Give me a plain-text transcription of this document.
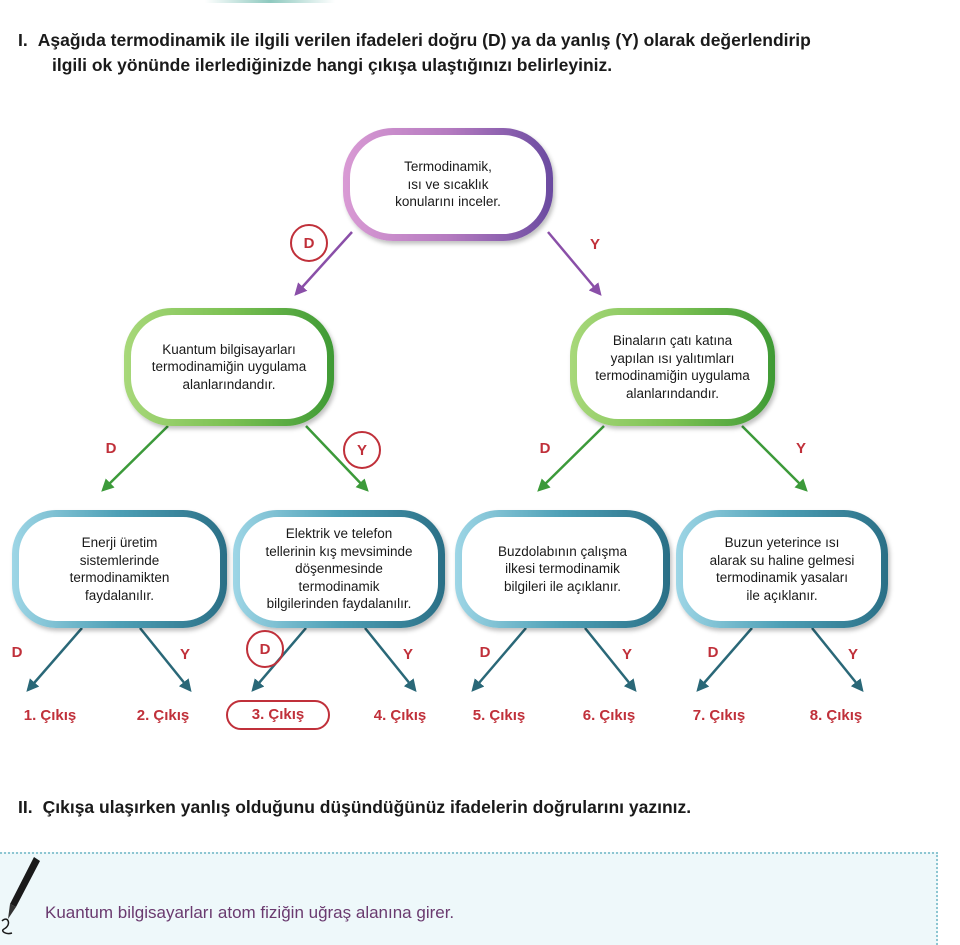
I. Aşağıda termodinamik ile ilgili verilen ifadeleri doğru (D) ya da yanlış (Y) olarak değerlendirip
ilgili ok yönünde ilerlediğinizde hangi çıkışa ulaştığınızı belirleyiniz.
Termodinamik,
ısı ve sıcaklık
konularını inceler.
Kuantum bilgisayarları
termodinamiğin uygulama
alanlarındandır.
Binaların çatı katına
yapılan ısı yalıtımları
termodinamiğin uygulama
alanlarındandır.
Enerji üretim
sistemlerinde
termodinamikten
faydalanılır.
Elektrik ve telefon
tellerinin kış mevsiminde
döşenmesinde
termodinamik
bilgilerinden faydalanılır.
Buzdolabının çalışma
ilkesi termodinamik
bilgileri ile açıklanır.
Buzun yeterince ısı
alarak su haline gelmesi
termodinamik yasaları
ile açıklanır.
D	Y
D	Y	D	Y
D	Y	D	Y	D	Y	D	Y
1. Çıkış	2. Çıkış	3. Çıkış	4. Çıkış	5. Çıkış	6. Çıkış	7. Çıkış	8. Çıkış
II. Çıkışa ulaşırken yanlış olduğunu düşündüğünüz ifadelerin doğrularını yazınız.
Kuantum bilgisayarları atom fiziğin uğraş alanına girer.
